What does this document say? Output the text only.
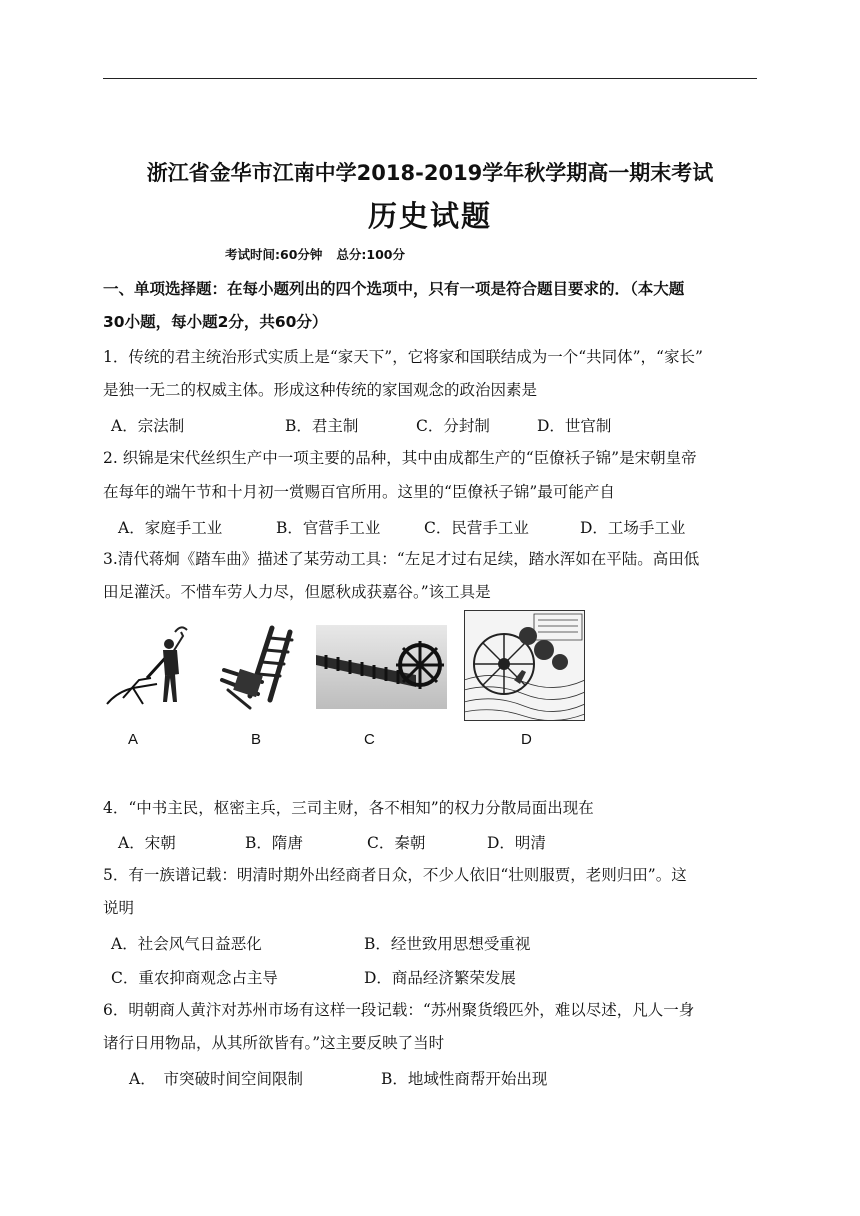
浙江省金华市江南中学2018-2019学年秋学期高一期末考试
历史试题
考试时间:60分钟 总分:100分
一、单项选择题：在每小题列出的四个选项中，只有一项是符合题目要求的．（本大题
30小题，每小题2分，共60分）
1．传统的君主统治形式实质上是“家天下”，它将家和国联结成为一个“共同体”，“家长”
是独一无二的权威主体。形成这种传统的家国观念的政治因素是
A．宗法制	B．君主制	C．分封制	D．世官制
2. 织锦是宋代丝织生产中一项主要的品种，其中由成都生产的“臣僚袄子锦”是宋朝皇帝
在每年的端午节和十月初一赏赐百官所用。这里的“臣僚袄子锦”最可能产自
A．家庭手工业	B．官营手工业	C．民营手工业	D．工场手工业
3.清代蒋炯《踏车曲》描述了某劳动工具：“左足才过右足续，踏水浑如在平陆。高田低
田足灌沃。不惜车劳人力尽，但愿秋成获嘉谷。”该工具是
A	B	C	D
4．“中书主民，枢密主兵，三司主财，各不相知”的权力分散局面出现在
A．宋朝	B．隋唐	C．秦朝	D．明清
5．有一族谱记载：明清时期外出经商者日众，不少人依旧“壮则服贾，老则归田”。这
说明
A．社会风气日益恶化	B．经世致用思想受重视
C．重农抑商观念占主导	D．商品经济繁荣发展
6．明朝商人黄汴对苏州市场有这样一段记载：“苏州聚货缎匹外，难以尽述，凡人一身
诸行日用物品，从其所欲皆有。”这主要反映了当时
A．　市突破时间空间限制	B．地域性商帮开始出现
